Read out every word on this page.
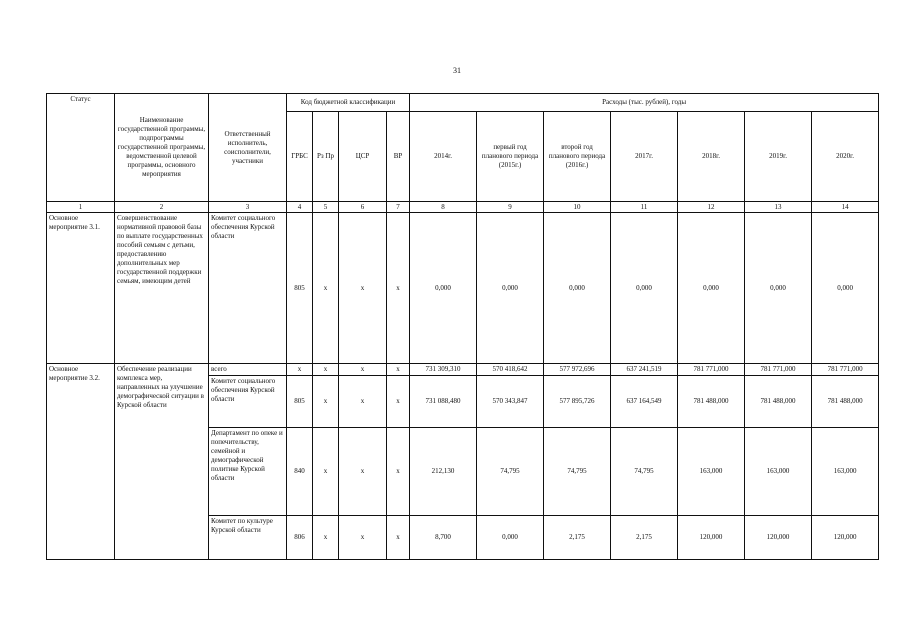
31
Статус	Наименование государственной программы, подпрограммы государственной программы, ведомственной целевой программы, основного мероприятия	Ответственный исполнитель, соисполнители, участники	Код бюджетной классификации				Расходы (тыс. рублей), годы						
			ГРБС	Рз Пр	ЦСР	ВР	2014г.	первый год планового периода (2015г.)	второй год планового периода (2016г.)	2017г.	2018г.	2019г.	2020г.
1	2	3	4	5	6	7	8	9	10	11	12	13	14
Основное мероприятие 3.1.	Совершенствование нормативной правовой базы по выплате государственных пособий семьям с детьми, предоставлению дополнительных мер государственной поддержки семьям, имеющим детей	Комитет социального обеспечения Курской области	805	x	x	x	0,000	0,000	0,000	0,000	0,000	0,000	0,000
Основное мероприятие 3.2.	Обеспечение реализации комплекса мер, направленных на улучшение демографической ситуации в Курской области	всего	x	x	x	x	731 309,310	570 418,642	577 972,696	637 241,519	781 771,000	781 771,000	781 771,000
		Комитет социального обеспечения Курской области	805	x	x	x	731 088,480	570 343,847	577 895,726	637 164,549	781 488,000	781 488,000	781 488,000
		Департамент по опеке и попечительству, семейной и демографической политике Курской области	840	x	x	x	212,130	74,795	74,795	74,795	163,000	163,000	163,000
		Комитет по культуре Курской области	806	x	x	x	8,700	0,000	2,175	2,175	120,000	120,000	120,000
